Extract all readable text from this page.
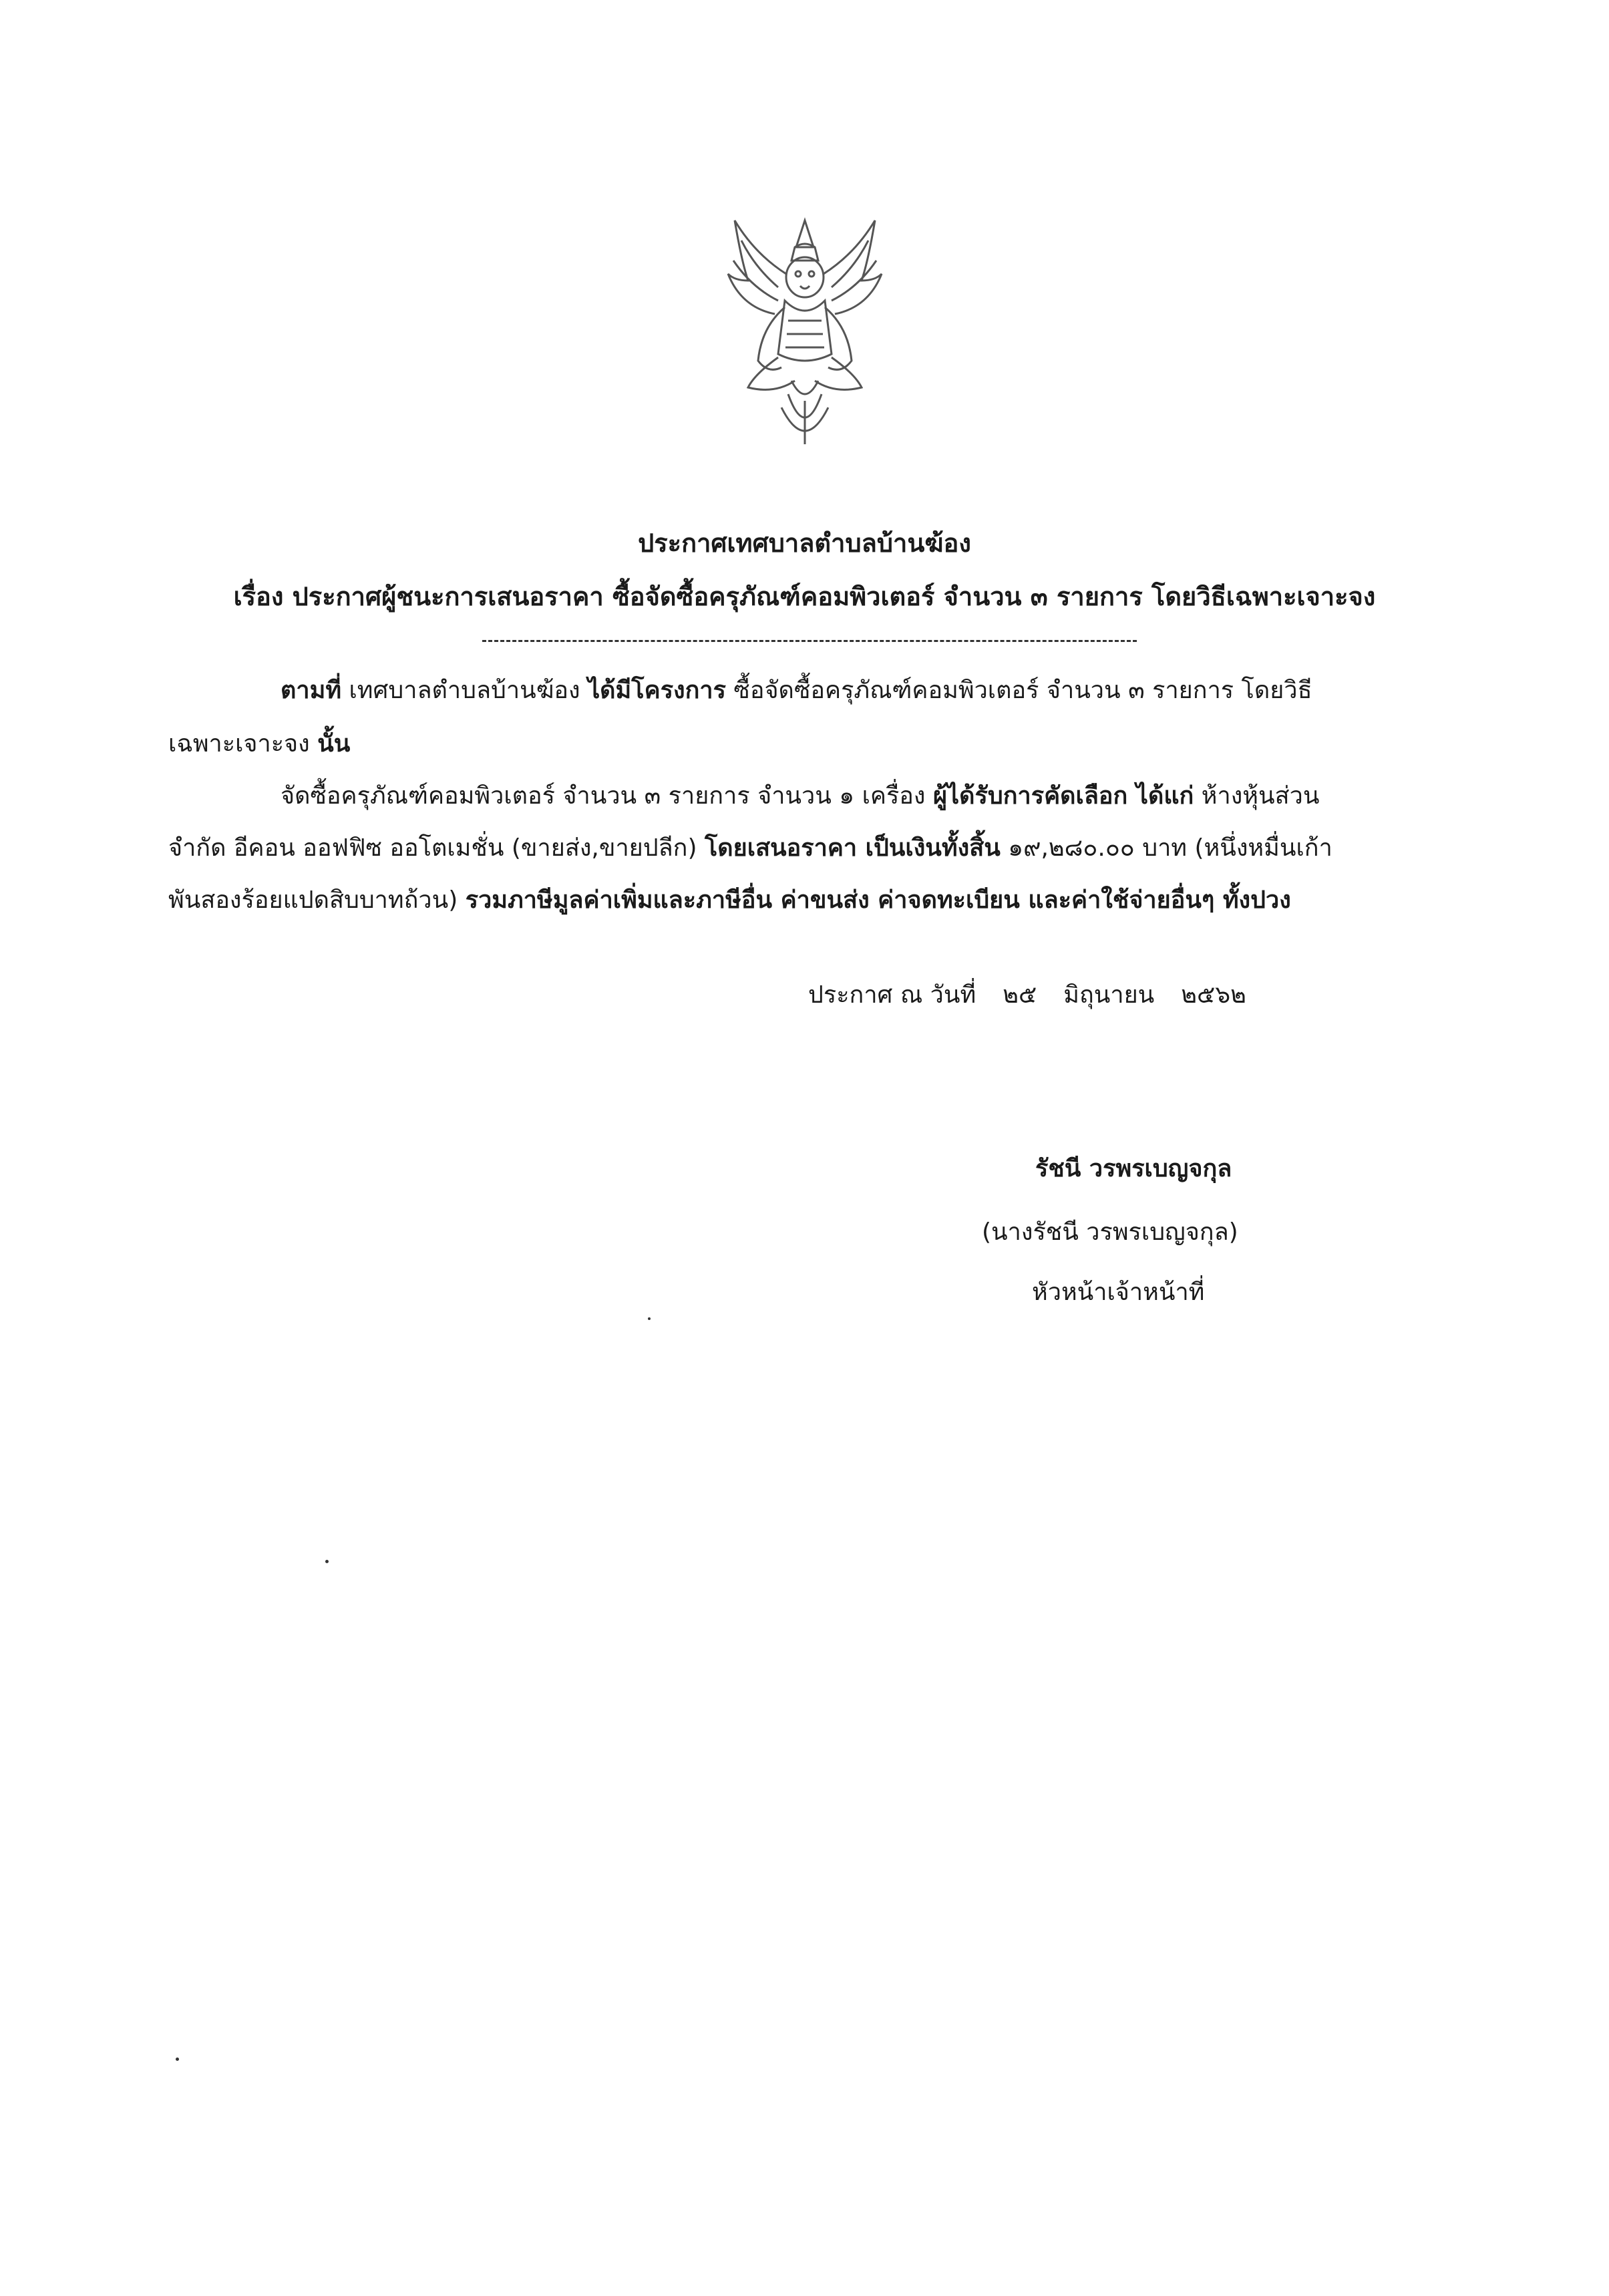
ประกาศเทศบาลตำบลบ้านฆ้อง
เรื่อง ประกาศผู้ชนะการเสนอราคา ซื้อจัดซื้อครุภัณฑ์คอมพิวเตอร์ จำนวน ๓ รายการ โดยวิธีเฉพาะเจาะจง
ตามที่ เทศบาลตำบลบ้านฆ้อง ได้มีโครงการ ซื้อจัดซื้อครุภัณฑ์คอมพิวเตอร์ จำนวน ๓ รายการ โดยวิธี
เฉพาะเจาะจง นั้น
จัดซื้อครุภัณฑ์คอมพิวเตอร์ จำนวน ๓ รายการ จำนวน ๑ เครื่อง ผู้ได้รับการคัดเลือก ได้แก่ ห้างหุ้นส่วน
จำกัด อีคอน ออฟฟิซ ออโตเมชั่น (ขายส่ง,ขายปลีก) โดยเสนอราคา เป็นเงินทั้งสิ้น ๑๙,๒๘๐.๐๐ บาท (หนึ่งหมื่นเก้า
พันสองร้อยแปดสิบบาทถ้วน) รวมภาษีมูลค่าเพิ่มและภาษีอื่น ค่าขนส่ง ค่าจดทะเบียน และค่าใช้จ่ายอื่นๆ ทั้งปวง
ประกาศ ณ วันที่ ๒๕ มิถุนายน ๒๕๖๒
รัชนี วรพรเบญจกุล
(นางรัชนี วรพรเบญจกุล)
หัวหน้าเจ้าหน้าที่
